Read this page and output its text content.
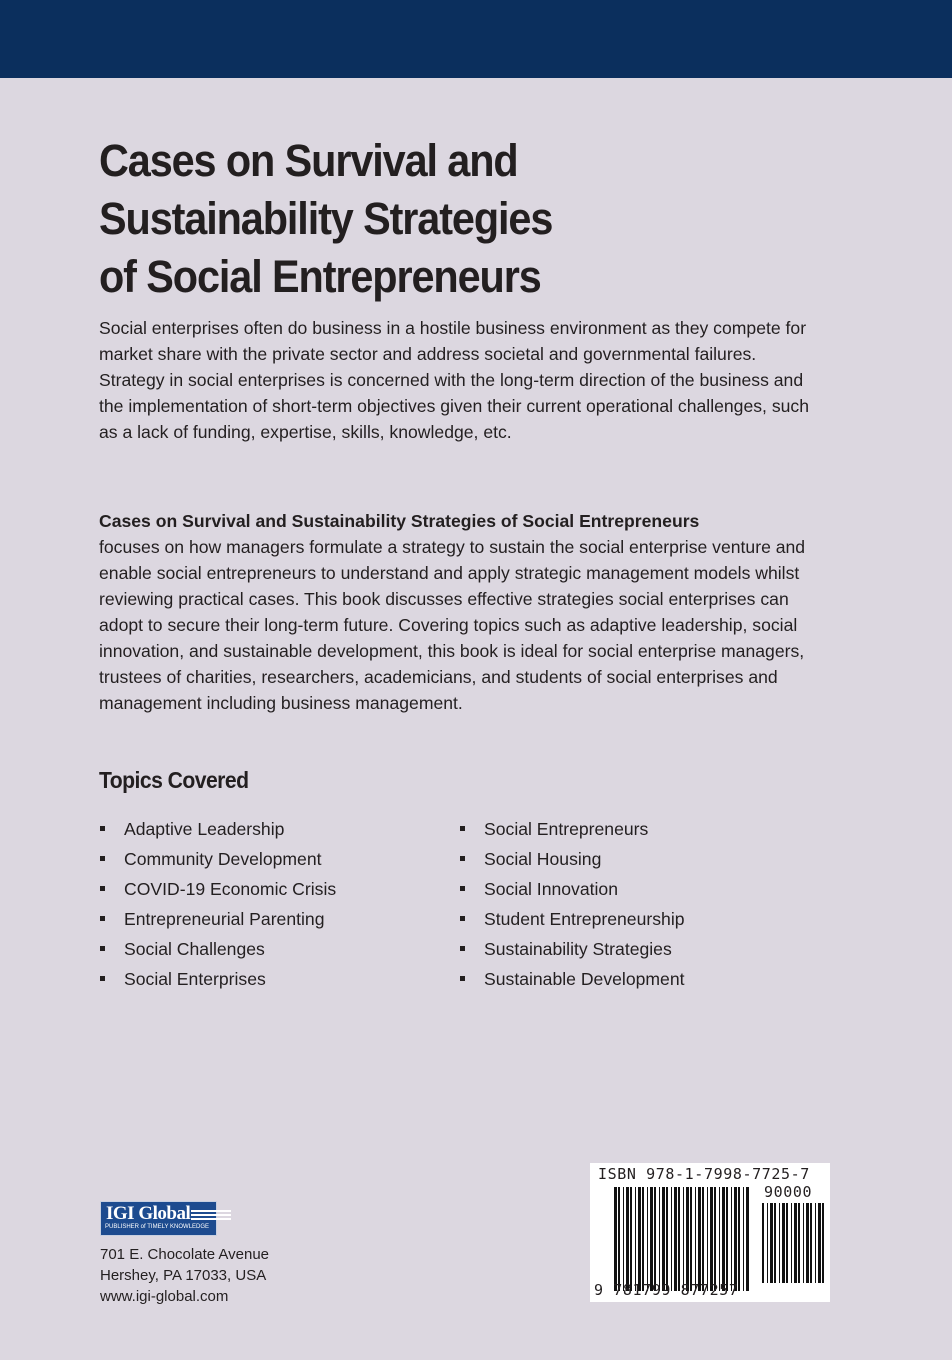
Cases on Survival and
Sustainability Strategies
of Social Entrepreneurs

Social enterprises often do business in a hostile business environment as they compete for market share with the private sector and address societal and governmental failures. Strategy in social enterprises is concerned with the long-term direction of the business and the implementation of short-term objectives given their current operational challenges, such as a lack of funding, expertise, skills, knowledge, etc.

Cases on Survival and Sustainability Strategies of Social Entrepreneurs
focuses on how managers formulate a strategy to sustain the social enterprise venture and enable social entrepreneurs to understand and apply strategic management models whilst reviewing practical cases. This book discusses effective strategies social enterprises can adopt to secure their long-term future. Covering topics such as adaptive leadership, social innovation, and sustainable development, this book is ideal for social enterprise managers, trustees of charities, researchers, academicians, and students of social enterprises and management including business management.

Topics Covered
Adaptive Leadership
Community Development
COVID-19 Economic Crisis
Entrepreneurial Parenting
Social Challenges
Social Enterprises
Social Entrepreneurs
Social Housing
Social Innovation
Student Entrepreneurship
Sustainability Strategies
Sustainable Development
IGI Global
PUBLISHER of TIMELY KNOWLEDGE

701 E. Chocolate Avenue
Hershey, PA 17033, USA
www.igi-global.com

ISBN 978-1-7998-7725-7
90000
9 781799 877257
